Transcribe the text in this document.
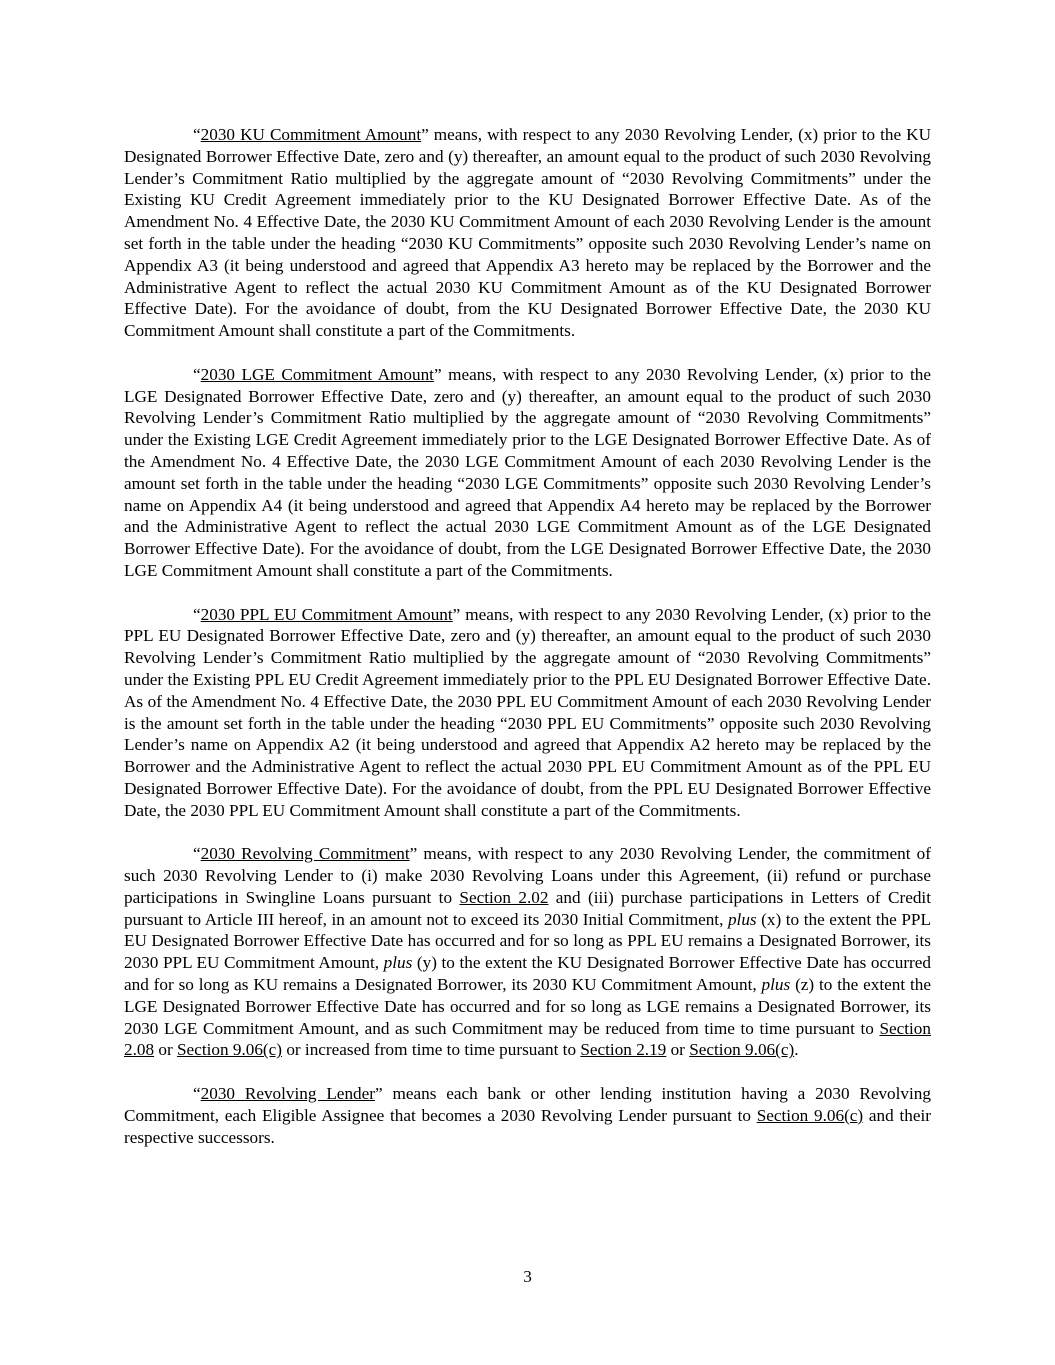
“2030 KU Commitment Amount” means, with respect to any 2030 Revolving Lender, (x) prior to the KU Designated Borrower Effective Date, zero and (y) thereafter, an amount equal to the product of such 2030 Revolving Lender’s Commitment Ratio multiplied by the aggregate amount of “2030 Revolving Commitments” under the Existing KU Credit Agreement immediately prior to the KU Designated Borrower Effective Date. As of the Amendment No. 4 Effective Date, the 2030 KU Commitment Amount of each 2030 Revolving Lender is the amount set forth in the table under the heading “2030 KU Commitments” opposite such 2030 Revolving Lender’s name on Appendix A3 (it being understood and agreed that Appendix A3 hereto may be replaced by the Borrower and the Administrative Agent to reflect the actual 2030 KU Commitment Amount as of the KU Designated Borrower Effective Date). For the avoidance of doubt, from the KU Designated Borrower Effective Date, the 2030 KU Commitment Amount shall constitute a part of the Commitments.

“2030 LGE Commitment Amount” means, with respect to any 2030 Revolving Lender, (x) prior to the LGE Designated Borrower Effective Date, zero and (y) thereafter, an amount equal to the product of such 2030 Revolving Lender’s Commitment Ratio multiplied by the aggregate amount of “2030 Revolving Commitments” under the Existing LGE Credit Agreement immediately prior to the LGE Designated Borrower Effective Date. As of the Amendment No. 4 Effective Date, the 2030 LGE Commitment Amount of each 2030 Revolving Lender is the amount set forth in the table under the heading “2030 LGE Commitments” opposite such 2030 Revolving Lender’s name on Appendix A4 (it being understood and agreed that Appendix A4 hereto may be replaced by the Borrower and the Administrative Agent to reflect the actual 2030 LGE Commitment Amount as of the LGE Designated Borrower Effective Date). For the avoidance of doubt, from the LGE Designated Borrower Effective Date, the 2030 LGE Commitment Amount shall constitute a part of the Commitments.

“2030 PPL EU Commitment Amount” means, with respect to any 2030 Revolving Lender, (x) prior to the PPL EU Designated Borrower Effective Date, zero and (y) thereafter, an amount equal to the product of such 2030 Revolving Lender’s Commitment Ratio multiplied by the aggregate amount of “2030 Revolving Commitments” under the Existing PPL EU Credit Agreement immediately prior to the PPL EU Designated Borrower Effective Date. As of the Amendment No. 4 Effective Date, the 2030 PPL EU Commitment Amount of each 2030 Revolving Lender is the amount set forth in the table under the heading “2030 PPL EU Commitments” opposite such 2030 Revolving Lender’s name on Appendix A2 (it being understood and agreed that Appendix A2 hereto may be replaced by the Borrower and the Administrative Agent to reflect the actual 2030 PPL EU Commitment Amount as of the PPL EU Designated Borrower Effective Date). For the avoidance of doubt, from the PPL EU Designated Borrower Effective Date, the 2030 PPL EU Commitment Amount shall constitute a part of the Commitments.

“2030 Revolving Commitment” means, with respect to any 2030 Revolving Lender, the commitment of such 2030 Revolving Lender to (i) make 2030 Revolving Loans under this Agreement, (ii) refund or purchase participations in Swingline Loans pursuant to Section 2.02 and (iii) purchase participations in Letters of Credit pursuant to Article III hereof, in an amount not to exceed its 2030 Initial Commitment, plus (x) to the extent the PPL EU Designated Borrower Effective Date has occurred and for so long as PPL EU remains a Designated Borrower, its 2030 PPL EU Commitment Amount, plus (y) to the extent the KU Designated Borrower Effective Date has occurred and for so long as KU remains a Designated Borrower, its 2030 KU Commitment Amount, plus (z) to the extent the LGE Designated Borrower Effective Date has occurred and for so long as LGE remains a Designated Borrower, its 2030 LGE Commitment Amount, and as such Commitment may be reduced from time to time pursuant to Section 2.08 or Section 9.06(c) or increased from time to time pursuant to Section 2.19 or Section 9.06(c).

“2030 Revolving Lender” means each bank or other lending institution having a 2030 Revolving Commitment, each Eligible Assignee that becomes a 2030 Revolving Lender pursuant to Section 9.06(c) and their respective successors.

3
